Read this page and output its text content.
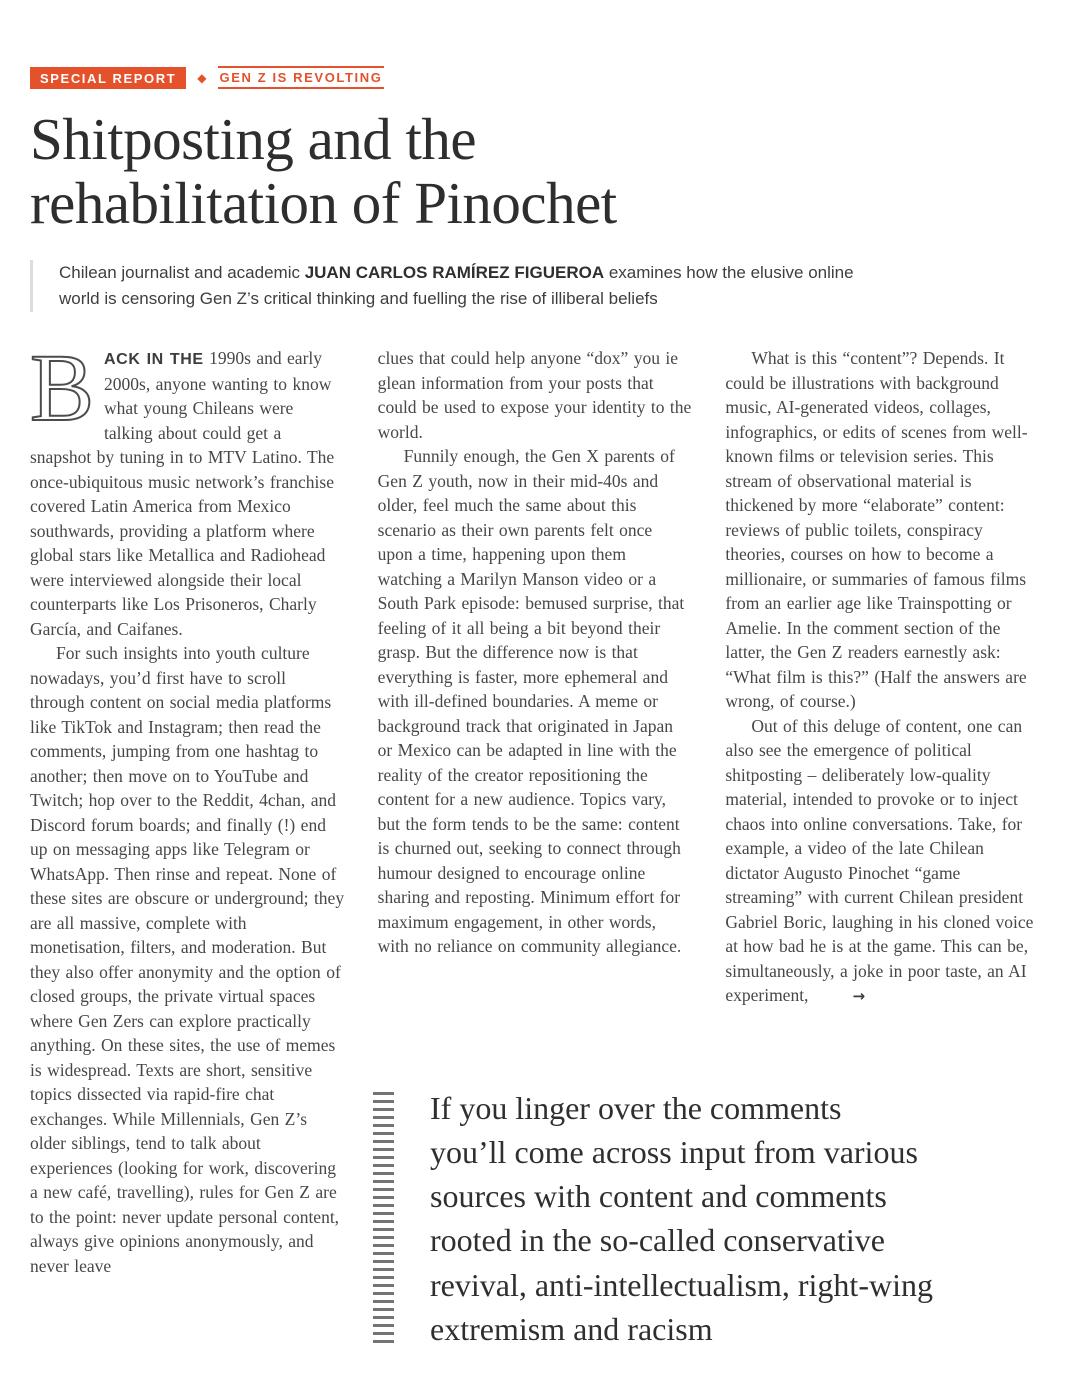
SPECIAL REPORT	◆ GEN Z IS REVOLTING
Shitposting and the
rehabilitation of Pinochet

Chilean journalist and academic JUAN CARLOS RAMÍREZ FIGUEROA examines how the elusive online world is censoring Gen Z’s critical thinking and fuelling the rise of illiberal beliefs

BACK IN THE 1990s and early 2000s, anyone wanting to know what young Chileans were talking about could get a snapshot by tuning in to MTV Latino. The once-ubiquitous music network’s franchise covered Latin America from Mexico southwards, providing a platform where global stars like Metallica and Radiohead were interviewed alongside their local counterparts like Los Prisoneros, Charly García, and Caifanes.

For such insights into youth culture nowadays, you’d first have to scroll through content on social media platforms like TikTok and Instagram; then read the comments, jumping from one hashtag to another; then move on to YouTube and Twitch; hop over to the Reddit, 4chan, and Discord forum boards; and finally (!) end up on messaging apps like Telegram or WhatsApp. Then rinse and repeat. None of these sites are obscure or underground; they are all massive, complete with monetisation, filters, and moderation. But they also offer anonymity and the option of closed groups, the private virtual spaces where Gen Zers can explore practically anything. On these sites, the use of memes is widespread. Texts are short, sensitive topics dissected via rapid-fire chat exchanges. While Millennials, Gen Z’s older siblings, tend to talk about experiences (looking for work, discovering a new café, travelling), rules for Gen Z are to the point: never update personal content, always give opinions anonymously, and never leave

clues that could help anyone “dox” you ie glean information from your posts that could be used to expose your identity to the world.

Funnily enough, the Gen X parents of Gen Z youth, now in their mid-40s and older, feel much the same about this scenario as their own parents felt once upon a time, happening upon them watching a Marilyn Manson video or a South Park episode: bemused surprise, that feeling of it all being a bit beyond their grasp. But the difference now is that everything is faster, more ephemeral and with ill-defined boundaries. A meme or background track that originated in Japan or Mexico can be adapted in line with the reality of the creator repositioning the content for a new audience. Topics vary, but the form tends to be the same: content is churned out, seeking to connect through humour designed to encourage online sharing and reposting. Minimum effort for maximum engagement, in other words, with no reliance on community allegiance.

What is this “content”? Depends. It could be illustrations with background music, AI-generated videos, collages, infographics, or edits of scenes from well-known films or television series. This stream of observational material is thickened by more “elaborate” content: reviews of public toilets, conspiracy theories, courses on how to become a millionaire, or summaries of famous films from an earlier age like Trainspotting or Amelie. In the comment section of the latter, the Gen Z readers earnestly ask: “What film is this?” (Half the answers are wrong, of course.)

Out of this deluge of content, one can also see the emergence of political shitposting – deliberately low-quality material, intended to provoke or to inject chaos into online conversations. Take, for example, a video of the late Chilean dictator Augusto Pinochet “game streaming” with current Chilean president Gabriel Boric, laughing in his cloned voice at how bad he is at the game. This can be, simultaneously, a joke in poor taste, an AI experiment,	→

If you linger over the comments
you’ll come across input from various
sources with content and comments
rooted in the so-called conservative
revival, anti-intellectualism, right-wing
extremism and racism
